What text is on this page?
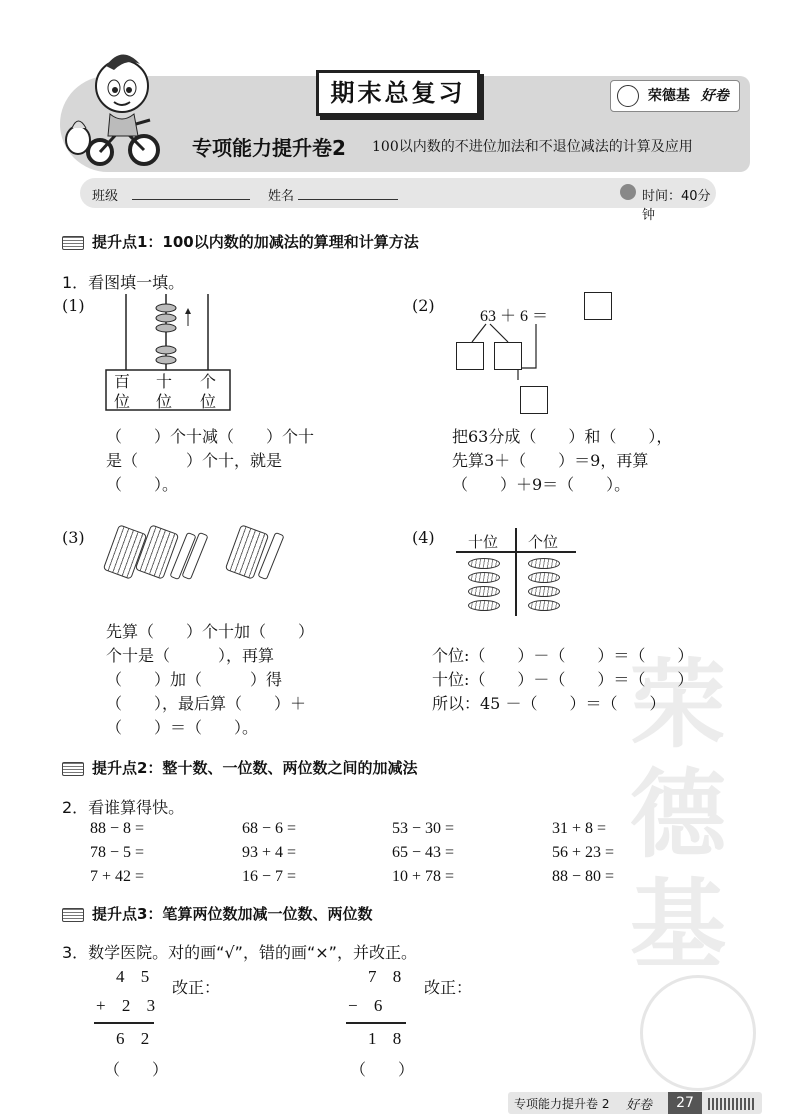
荣
德
基
期末总复习	荣德基 好卷
专项能力提升卷2 100以内数的不进位加法和不退位减法的计算及应用
班级	姓名	时间：40分钟
提升点1：100以内数的加减法的算理和计算方法
1．看图填一填。
(1)
百
位
十
位
个
位
（　　）个十减（　　）个十
是（　　　）个十，就是
（　　）。
(2)
63 ＋ 6 ＝
把63分成（　　）和（　　），
先算3＋（　　）＝9，再算
（　　）＋9＝（　　）。
(3)
先算（　　）个十加（　　）
个十是（　　　），再算
（　　）加（　　　）得
（　　），最后算（　　）＋
（　　）＝（　　）。
(4) 十位 个位
个位:（　　）－（　　）＝（　　）
十位:（　　）－（　　）＝（　　）
所以：45 －（　　）＝（　　）
提升点2：整十数、一位数、两位数之间的加减法
2．看谁算得快。
88 − 8 =	68 − 6 =	53 − 30 =	31 + 8 =
78 − 5 =	93 + 4 =	65 − 43 =	56 + 23 =
7 + 42 =	16 − 7 =	10 + 78 =	88 − 80 =
提升点3：笔算两位数加减一位数、两位数
3．数学医院。对的画“√”，错的画“×”，并改正。
4 5
+ 2 3
6 2
改正：
（　　）
7 8
− 6
1 8
改正：
（　　）
专项能力提升卷 2 好卷	27
